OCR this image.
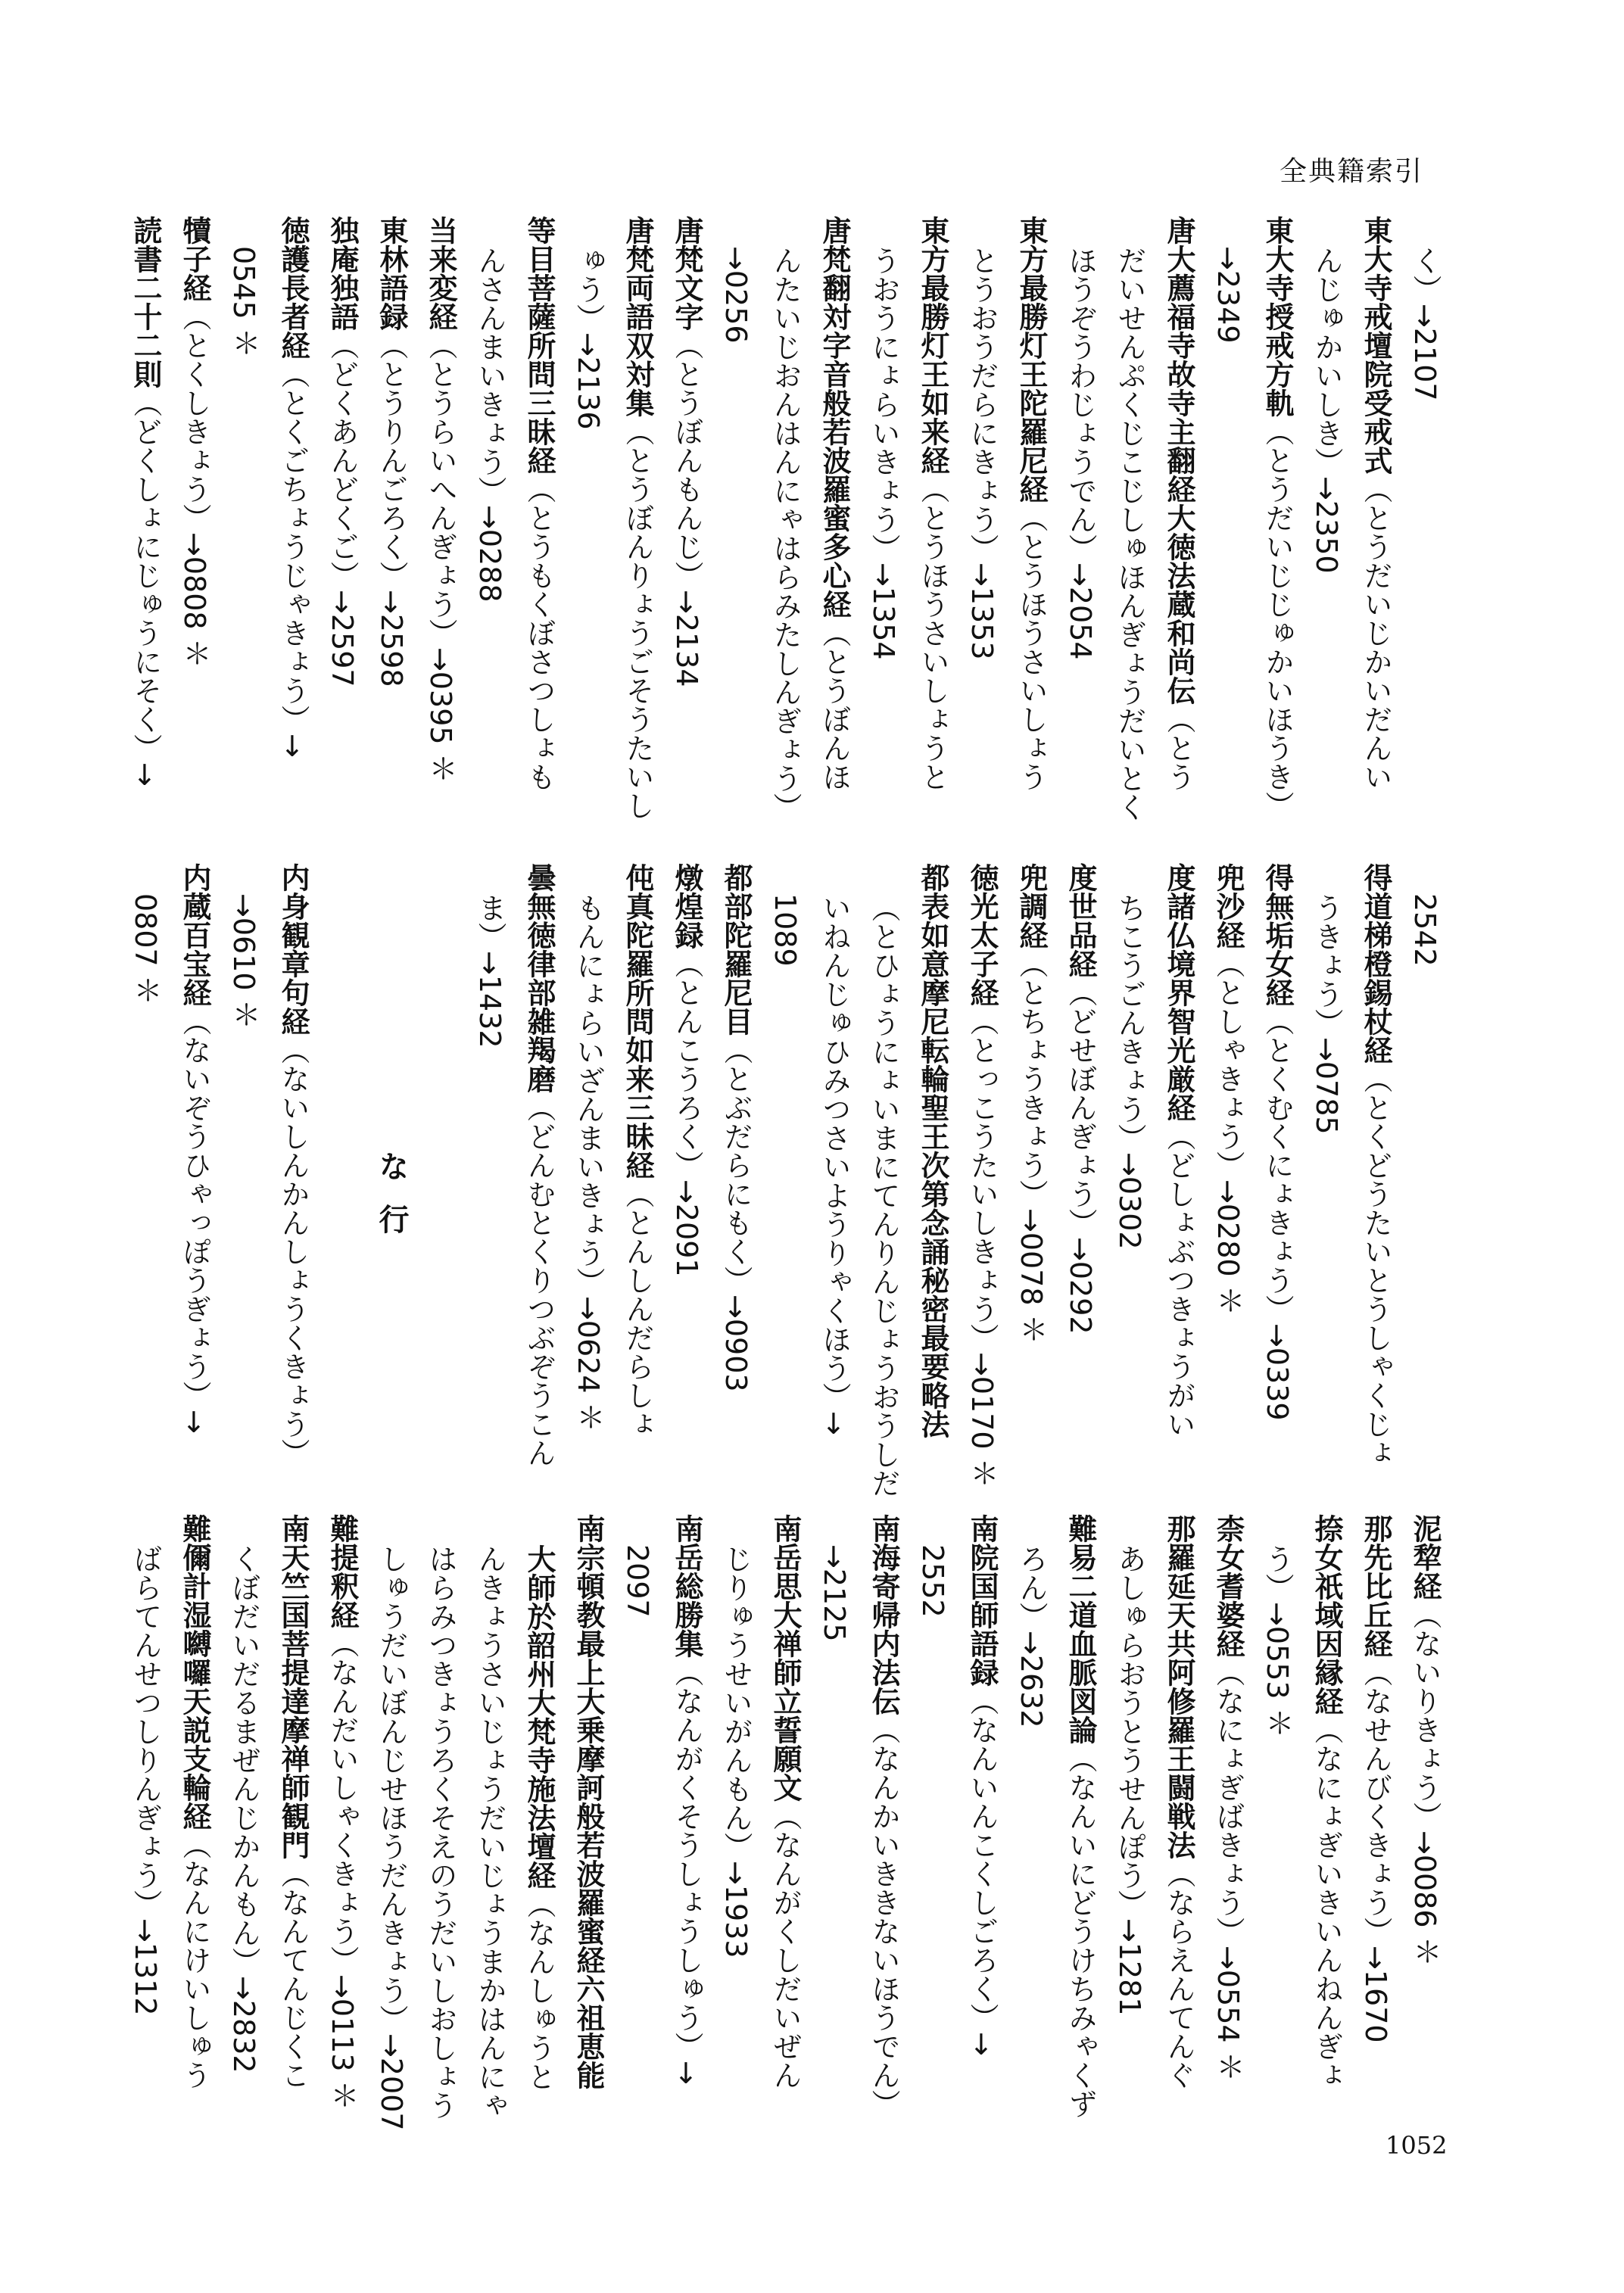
全典籍索引
く）→2107
東大寺戒壇院受戒式（とうだいじかいだんい
んじゅかいしき）→2350
東大寺授戒方軌（とうだいじじゅかいほうき）
→2349
唐大薦福寺故寺主翻経大徳法蔵和尚伝（とう
だいせんぷくじこじしゅほんぎょうだいとく
ほうぞうわじょうでん）→2054
東方最勝灯王陀羅尼経（とうほうさいしょう
とうおうだらにきょう）→1353
東方最勝灯王如来経（とうほうさいしょうと
うおうにょらいきょう）→1354
唐梵翻対字音般若波羅蜜多心経（とうぼんほ
んたいじおんはんにゃはらみたしんぎょう）
→0256
唐梵文字（とうぼんもんじ）→2134
唐梵両語双対集（とうぼんりょうごそうたいし
ゅう）→2136
等目菩薩所問三昧経（とうもくぼさつしょも
んさんまいきょう）→0288
当来変経（とうらいへんぎょう）→0395 ＊
東林語録（とうりんごろく）→2598
独庵独語（どくあんどくご）→2597
徳護長者経（とくごちょうじゃきょう）→
0545 ＊
犢子経（とくしきょう）→0808 ＊
読書二十二則（どくしょにじゅうにそく）→
2542
得道梯橙錫杖経（とくどうたいとうしゃくじょ
うきょう）→0785
得無垢女経（とくむくにょきょう）→0339
兜沙経（としゃきょう）→0280 ＊
度諸仏境界智光厳経（どしょぶつきょうがい
ちこうごんきょう）→0302
度世品経（どせぼんぎょう）→0292
兜調経（とちょうきょう）→0078 ＊
徳光太子経（とっこうたいしきょう）→0170 ＊
都表如意摩尼転輪聖王次第念誦秘密最要略法
（とひょうにょいまにてんりんじょうおうしだ
いねんじゅひみつさいようりゃくほう）→
1089
都部陀羅尼目（とぶだらにもく）→0903
燉煌録（とんこうろく）→2091
伅真陀羅所問如来三昧経（とんしんだらしょ
もんにょらいざんまいきょう）→0624 ＊
曇無徳律部雑羯磨（どんむとくりつぶぞうこん
ま）→1432
な行
内身観章句経（ないしんかんしょうくきょう）
→0610 ＊
内蔵百宝経（ないぞうひゃっぽうぎょう）→
0807 ＊
泥犂経（ないりきょう）→0086 ＊
那先比丘経（なせんびくきょう）→1670
捺女祇域因縁経（なにょぎいきいんねんぎょ
う）→0553 ＊
柰女耆婆経（なにょぎばきょう）→0554 ＊
那羅延天共阿修羅王闘戦法（ならえんてんぐ
あしゅらおうとうせんぽう）→1281
難易二道血脈図論（なんいにどうけちみゃくず
ろん）→2632
南院国師語録（なんいんこくしごろく）→
2552
南海寄帰内法伝（なんかいききないほうでん）
→2125
南岳思大禅師立誓願文（なんがくしだいぜん
じりゅうせいがんもん）→1933
南岳総勝集（なんがくそうしょうしゅう）→
2097
南宗頓教最上大乗摩訶般若波羅蜜経六祖恵能
大師於韶州大梵寺施法壇経（なんしゅうと
んきょうさいじょうだいじょうまかはんにゃ
はらみつきょうろくそえのうだいしおしょう
しゅうだいぼんじせほうだんきょう）→2007
難提釈経（なんだいしゃくきょう）→0113 ＊
南天竺国菩提達摩禅師観門（なんてんじくこ
くぼだいだるまぜんじかんもん）→2832
難儞計湿嚩囉天説支輪経（なんにけいしゅう
ばらてんせつしりんぎょう）→1312
1052
